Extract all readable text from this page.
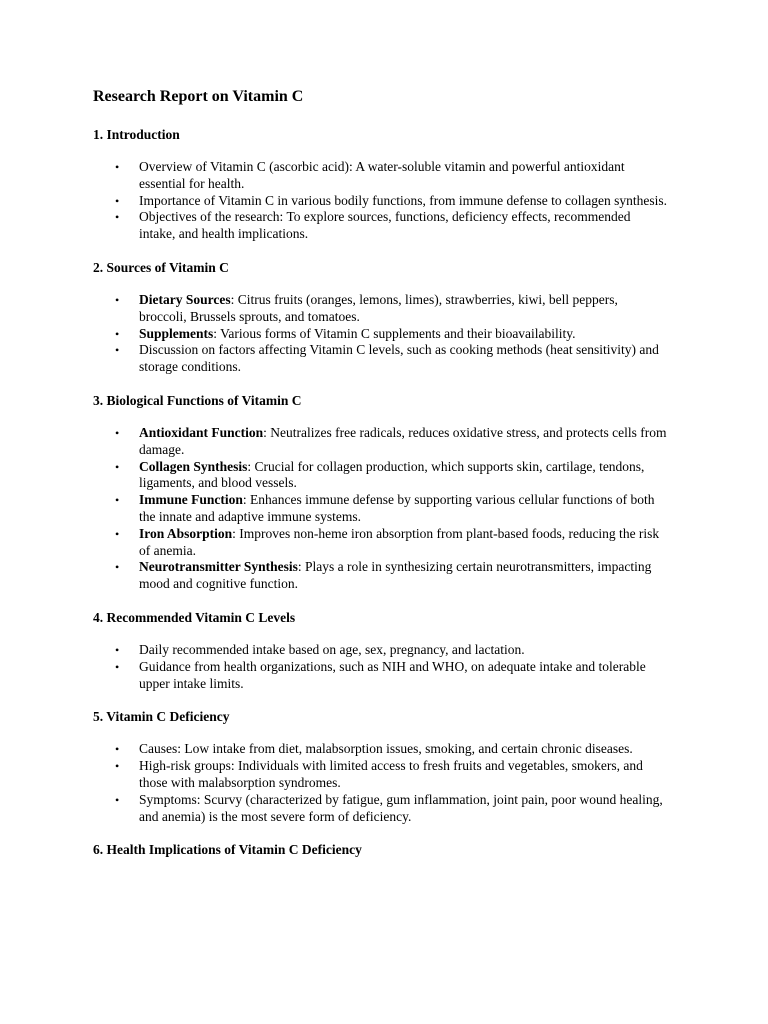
Research Report on Vitamin C
1. Introduction
• Overview of Vitamin C (ascorbic acid): A water-soluble vitamin and powerful antioxidant essential for health.
• Importance of Vitamin C in various bodily functions, from immune defense to collagen synthesis.
• Objectives of the research: To explore sources, functions, deficiency effects, recommended intake, and health implications.
2. Sources of Vitamin C
• Dietary Sources: Citrus fruits (oranges, lemons, limes), strawberries, kiwi, bell peppers, broccoli, Brussels sprouts, and tomatoes.
• Supplements: Various forms of Vitamin C supplements and their bioavailability.
• Discussion on factors affecting Vitamin C levels, such as cooking methods (heat sensitivity) and storage conditions.
3. Biological Functions of Vitamin C
• Antioxidant Function: Neutralizes free radicals, reduces oxidative stress, and protects cells from damage.
• Collagen Synthesis: Crucial for collagen production, which supports skin, cartilage, tendons, ligaments, and blood vessels.
• Immune Function: Enhances immune defense by supporting various cellular functions of both the innate and adaptive immune systems.
• Iron Absorption: Improves non-heme iron absorption from plant-based foods, reducing the risk of anemia.
• Neurotransmitter Synthesis: Plays a role in synthesizing certain neurotransmitters, impacting mood and cognitive function.
4. Recommended Vitamin C Levels
• Daily recommended intake based on age, sex, pregnancy, and lactation.
• Guidance from health organizations, such as NIH and WHO, on adequate intake and tolerable upper intake limits.
5. Vitamin C Deficiency
• Causes: Low intake from diet, malabsorption issues, smoking, and certain chronic diseases.
• High-risk groups: Individuals with limited access to fresh fruits and vegetables, smokers, and those with malabsorption syndromes.
• Symptoms: Scurvy (characterized by fatigue, gum inflammation, joint pain, poor wound healing, and anemia) is the most severe form of deficiency.
6. Health Implications of Vitamin C Deficiency
